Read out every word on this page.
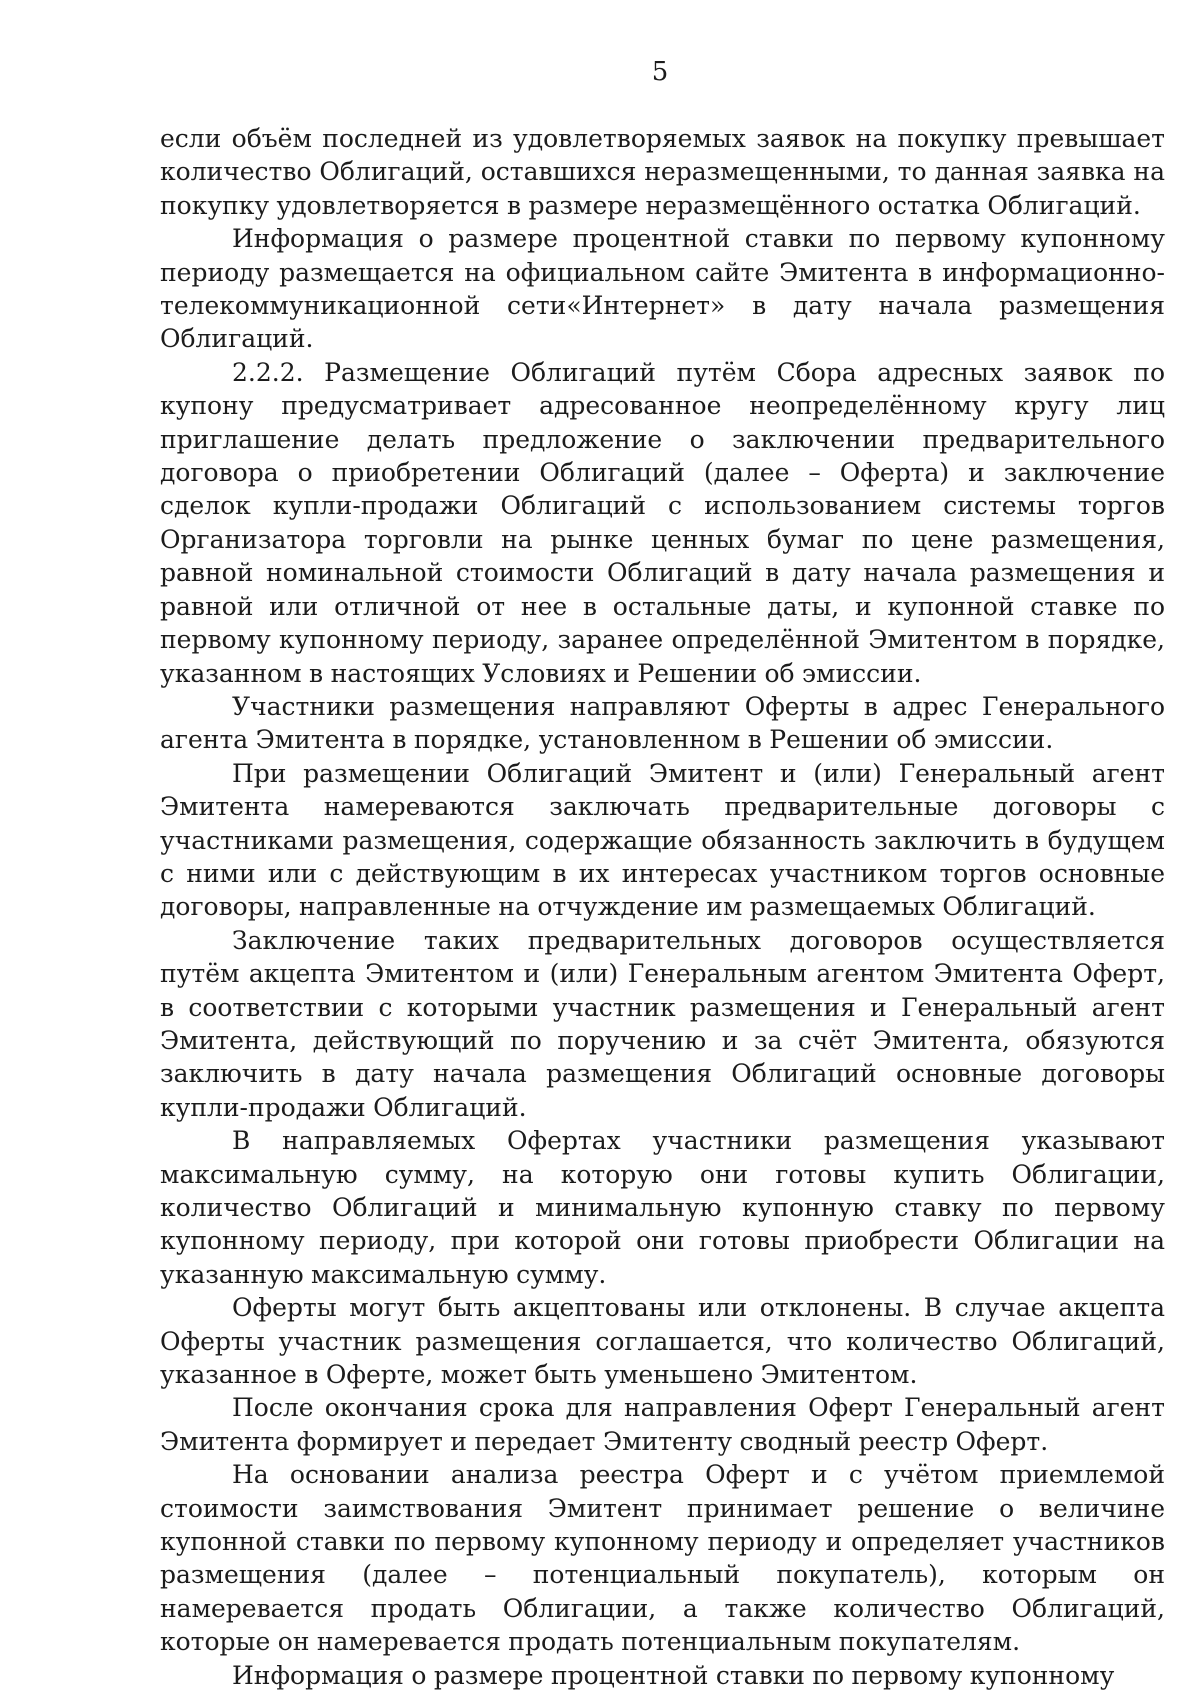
5

если объём последней из удовлетворяемых заявок на покупку превышает количество Облигаций, оставшихся неразмещенными, то данная заявка на покупку удовлетворяется в размере неразмещённого остатка Облигаций.

Информация о размере процентной ставки по первому купонному периоду размещается на официальном сайте Эмитента в информационно-телекоммуникационной сети«Интернет» в дату начала размещения Облигаций.

2.2.2. Размещение Облигаций путём Сбора адресных заявок по купону предусматривает адресованное неопределённому кругу лиц приглашение делать предложение о заключении предварительного договора о приобретении Облигаций (далее – Оферта) и заключение сделок купли-продажи Облигаций с использованием системы торгов Организатора торговли на рынке ценных бумаг по цене размещения, равной номинальной стоимости Облигаций в дату начала размещения и равной или отличной от нее в остальные даты, и купонной ставке по первому купонному периоду, заранее определённой Эмитентом в порядке, указанном в настоящих Условиях и Решении об эмиссии.

Участники размещения направляют Оферты в адрес Генерального агента Эмитента в порядке, установленном в Решении об эмиссии.

При размещении Облигаций Эмитент и (или) Генеральный агент Эмитента намереваются заключать предварительные договоры с участниками размещения, содержащие обязанность заключить в будущем с ними или с действующим в их интересах участником торгов основные договоры, направленные на отчуждение им размещаемых Облигаций.

Заключение таких предварительных договоров осуществляется путём акцепта Эмитентом и (или) Генеральным агентом Эмитента Оферт, в соответствии с которыми участник размещения и Генеральный агент Эмитента, действующий по поручению и за счёт Эмитента, обязуются заключить в дату начала размещения Облигаций основные договоры купли-продажи Облигаций.

В направляемых Офертах участники размещения указывают максимальную сумму, на которую они готовы купить Облигации, количество Облигаций и минимальную купонную ставку по первому купонному периоду, при которой они готовы приобрести Облигации на указанную максимальную сумму.

Оферты могут быть акцептованы или отклонены. В случае акцепта Оферты участник размещения соглашается, что количество Облигаций, указанное в Оферте, может быть уменьшено Эмитентом.

После окончания срока для направления Оферт Генеральный агент Эмитента формирует и передает Эмитенту сводный реестр Оферт.

На основании анализа реестра Оферт и с учётом приемлемой стоимости заимствования Эмитент принимает решение о величине купонной ставки по первому купонному периоду и определяет участников размещения (далее – потенциальный покупатель), которым он намеревается продать Облигации, а также количество Облигаций, которые он намеревается продать потенциальным покупателям.

Информация о размере процентной ставки по первому купонному
